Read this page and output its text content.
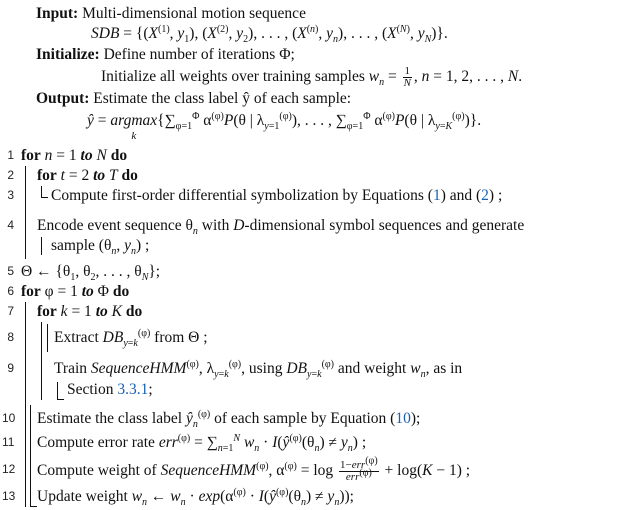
Input: Multi-dimensional motion sequence
SDB = {($X^{(1)}$, $y_1$), ($X^{(2)}$, $y_2$), . . . , ($X^{(n)}$, $y_n$), . . . , ($X^{(N)}$, $y_N$)}.
Initialize: Define number of iterations Φ;
Initialize all weights over training samples $w_n = \frac{1}{N}$ , n = 1, 2, . . . , N.
Output: Estimate the class label ŷ of each sample:
ŷ = argmax
k
{$\sum_{\varphi=1}^\Phi$ $\alpha^{(\varphi)}P(\theta$ | $\lambda_{y=1}^{(\varphi)}$), . . . , $\sum_{\varphi=1}^\Phi$ $\alpha^{(\varphi)}P(\theta$ | $\lambda_{y=K}^{(\varphi)}$)}.
1 for n = 1 to N do
2 for t = 2 to T do
3 Compute first-order differential symbolization by Equations (1) and (2) ;
4 Encode event sequence $\theta_n$ with D-dimensional symbol sequences and generate
sample ($\theta_n$, $y_n$) ;
5 Θ ← {$\theta_1$, $\theta_2$, . . . , $\theta_N$};
6 for φ = 1 to Φ do
7 for k = 1 to K do
8	Extract $DB_{y=k}^{(\varphi)}$ from Θ ;
9	Train SequenceHMM$^{(\varphi)}$, $\lambda_{y=k}^{(\varphi)}$, using $DB_{y=k}^{(\varphi)}$ and weight $w_n$, as in
Section 3.3.1;
10 Estimate the class label $ŷ_n^{(\varphi)}$ of each sample by Equation (10);
11 Compute error rate $err^{(\varphi)} = \sum_{n=1}^N$ $w_n$ · $I(ŷ^{(\varphi)}(\theta_n) \ne y_n)$ ;
12 Compute weight of SequenceHMM$^{(\varphi)}$, $\alpha^{(\varphi)} = \log \frac{1-err^{(\varphi)}}{err^{(\varphi)}} + \log(K - 1)$ ;
13 Update weight $w_n$ ← $w_n \cdot \exp(\alpha^{(\varphi)}$ · $I(ŷ^{(\varphi)}(\theta_n) \ne y_n)$);
